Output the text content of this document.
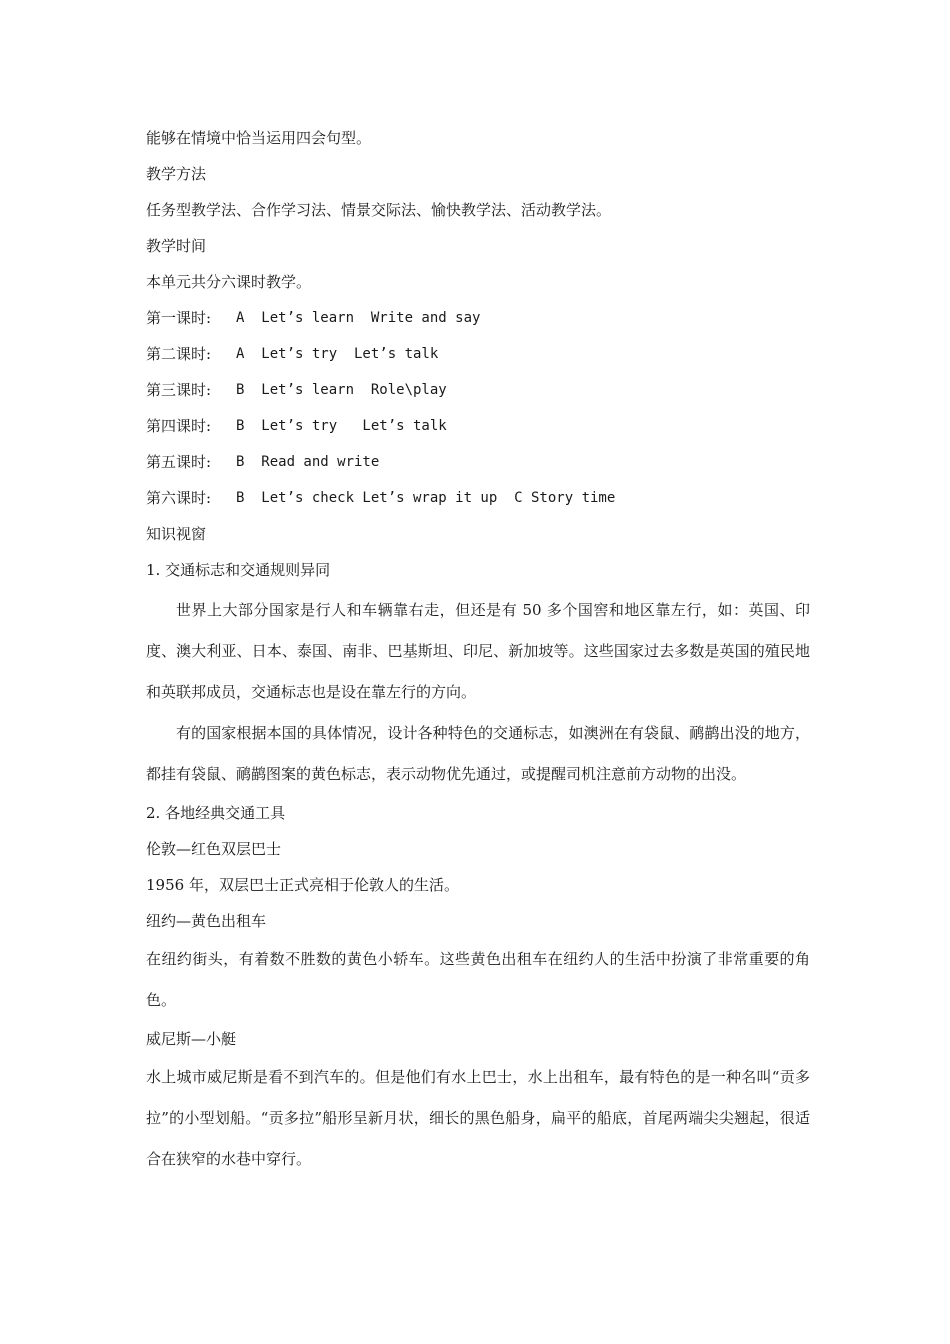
能够在情境中恰当运用四会句型。
教学方法
任务型教学法、合作学习法、情景交际法、愉快教学法、活动教学法。
教学时间
本单元共分六课时教学。
第一课时:	A  Let’s learn  Write and say
第二课时:	A  Let’s try  Let’s talk
第三课时:	B  Let’s learn  Role\play
第四课时:	B  Let’s try   Let’s talk
第五课时:	B  Read and write
第六课时:	B  Let’s check Let’s wrap it up  C Story time
知识视窗
1. 交通标志和交通规则异同

世界上大部分国家是行人和车辆靠右走，但还是有 50 多个国窖和地区靠左行，如：英国、印度、澳大利亚、日本、泰国、南非、巴基斯坦、印尼、新加坡等。这些国家过去多数是英国的殖民地和英联邦成员，交通标志也是设在靠左行的方向。

有的国家根据本国的具体情况，设计各种特色的交通标志，如澳洲在有袋鼠、鸸鹋出没的地方，都挂有袋鼠、鸸鹋图案的黄色标志，表示动物优先通过，或提醒司机注意前方动物的出没。

2. 各地经典交通工具
伦敦—红色双层巴士
1956 年，双层巴士正式亮相于伦敦人的生活。
纽约—黄色出租车

在纽约街头，有着数不胜数的黄色小轿车。这些黄色出租车在纽约人的生活中扮演了非常重要的角色。

威尼斯—小艇

水上城市威尼斯是看不到汽车的。但是他们有水上巴士，水上出租车，最有特色的是一种名叫“贡多拉”的小型划船。“贡多拉”船形呈新月状，细长的黑色船身，扁平的船底，首尾两端尖尖翘起，很适合在狭窄的水巷中穿行。
